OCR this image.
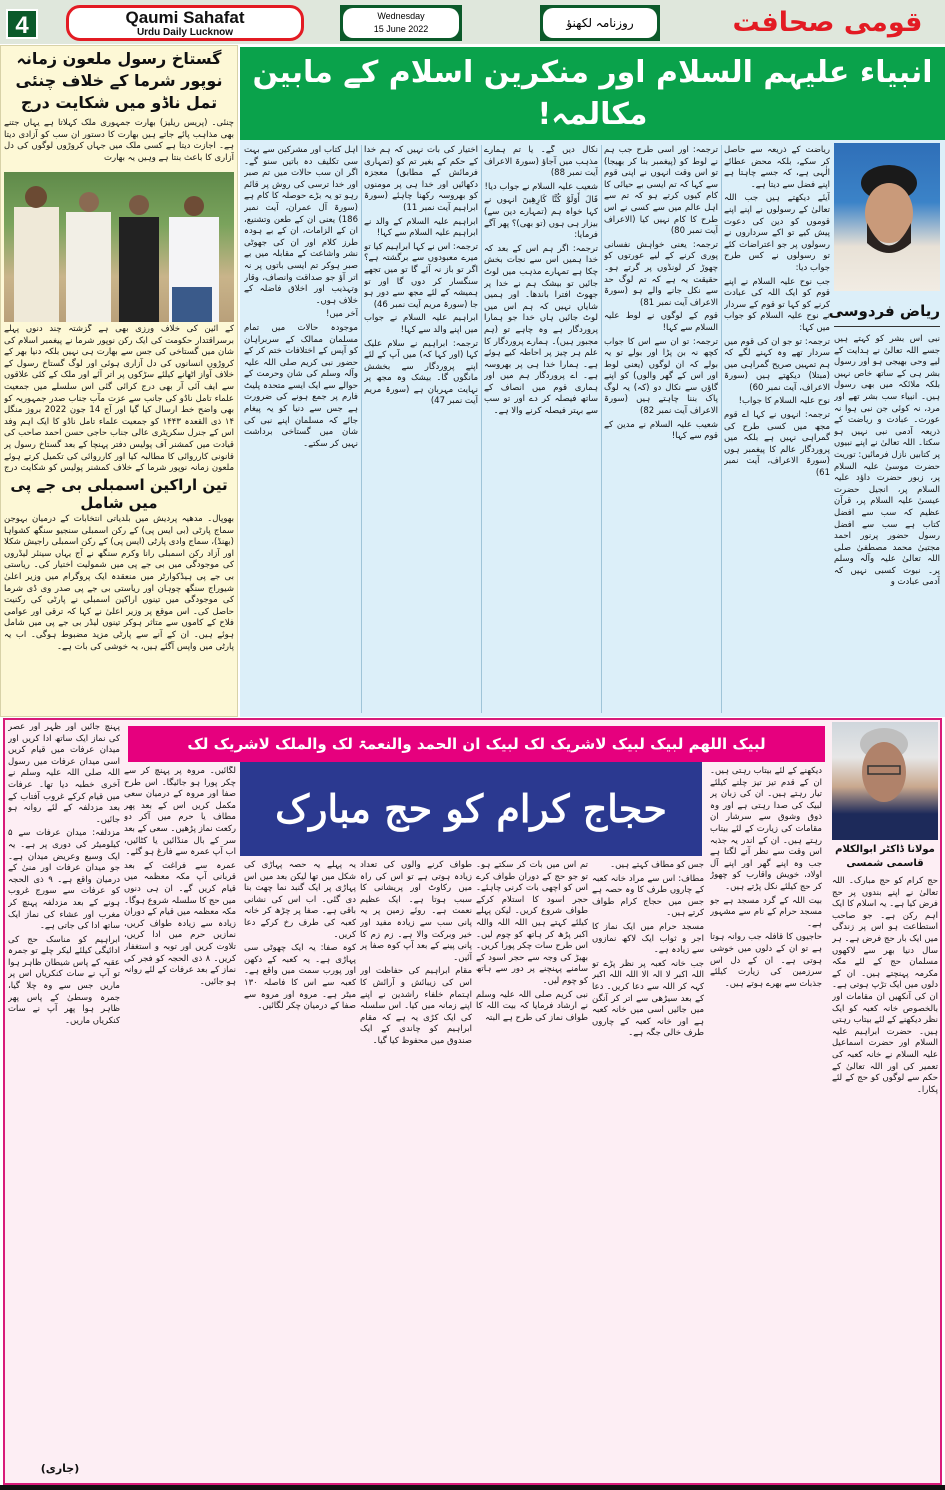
4	Qaumi Sahafat
Urdu Daily Lucknow
Wednesday
15 June 2022	روزنامہ لکھنؤ	قومی صحافت
گستاخ رسول ملعون زمانہ نوپور شرما کے خلاف چنئی تمل ناڈو میں شکایت درج

چنئی۔ (پریس ریلیز) بھارت جمہوری ملک کہلاتا ہے یہاں جتنے بھی مذاہب پائے جاتے ہیں بھارت کا دستور ان سب کو آزادی دیتا ہے۔ اجازت دیتا ہے کسی ملک میں جہاں کروڑوں لوگوں کی دل آزاری کا باعث بنتا ہے وہیں یہ بھارت

کے آئین کی خلاف ورزی بھی ہے گزشتہ چند دنوں پہلے برسراقتدار حکومت کی ایک رکن نوپور شرما نے پیغمبر اسلام کی شان میں گستاخی کی جس سے بھارت ہی نہیں بلکہ دنیا بھر کے کروڑوں انسانوں کی دل آزاری ہوئی اور لوگ گستاخ رسول کے خلاف آواز اٹھانے کیلئے سڑکوں پر اتر آئے اور ملک کے کئی علاقوں سے ایف آئی آر بھی درج کرائی گئی اس سلسلے میں جمعیت علماء تامل ناڈو کی جانب سے عزت مآب جناب صدر جمہوریہ کو بھی واضح خط ارسال کیا گیا اور آج 14 جون 2022 بروز منگل ۱۴ ذی القعدہ ۱۴۴۳ کو جمعیت علماء تامل ناڈو کا ایک اہم وفد اس کے جنرل سکریٹری عالی جناب حاجی حسن احمد صاحب کی قیادت میں کمشنر آف پولیس دفتر پہنچا کے بعد گستاخ رسول پر قانونی کارروائی کا مطالبہ کیا اور کارروائی کی تکمیل کرتے ہوئے ملعون زمانہ نوپور شرما کے خلاف کمشنر پولیس کو شکایت درج

تین اراکین اسمبلی بی جے پی میں شامل

بھوپال۔ مدھیہ پردیش میں بلدیاتی انتخابات کے درمیان بہوجن سماج پارٹی (بی ایس پی) کے رکن اسمبلی سنجیو سنگھ کشواہا (بھنڈ)، سماج وادی پارٹی (ایس پی) کے رکن اسمبلی راجیش شکلا اور آزاد رکن اسمبلی رانا وکرم سنگھ نے آج یہاں سینئر لیڈروں کی موجودگی میں بی جے پی میں شمولیت اختیار کی۔ ریاستی بی جے پی ہیڈکوارٹر میں منعقدہ ایک پروگرام میں وزیر اعلیٰ شیوراج سنگھ چوہان اور ریاستی بی جے پی صدر وی ڈی شرما کی موجودگی میں تینوں اراکین اسمبلی نے پارٹی کی رکنیت حاصل کی۔ اس موقع پر وزیر اعلیٰ نے کہا کہ ترقی اور عوامی فلاح کے کاموں سے متاثر ہوکر تینوں لیڈر بی جے پی میں شامل ہوئے ہیں۔ ان کے آنے سے پارٹی مزید مضبوط ہوگی۔ اب یہ پارٹی میں واپس آگئے ہیں، یہ خوشی کی بات ہے۔

انبیاء علیہم السلام اور منکرین اسلام کے مابین مکالمہ!

اہل کتاب اور مشرکین سے بہت سی تکلیف دہ باتیں سنو گے۔ اگر ان سب حالات میں تم صبر اور خدا ترسی کی روش پر قائم رہو تو یہ بڑے حوصلہ کا کام ہے (سورۃ آل عمران، آیت نمبر 186) یعنی ان کے طعن وتشنیع، ان کے الزامات، ان کے بے ہودہ طرز کلام اور ان کی جھوٹی نشر واشاعت کے مقابلہ میں بے صبر ہوکر تم ایسی باتوں پر نہ اتر آؤ جو صداقت وانصاف، وقار وتہذیب اور اخلاق فاضلہ کے خلاف ہوں۔

آخر میں!

موجودہ حالات میں تمام مسلمان ممالک کے سربراہان کو آپس کے اختلافات ختم کر کے حضور نبی کریم صلی اللہ علیہ وآلہ وسلم کی شان وحرمت کے حوالے سے ایک ایسے متحدہ پلیٹ فارم پر جمع ہونے کی ضرورت ہے جس سے دنیا کو یہ پیغام جائے کہ مسلمان اپنے نبی کی شان میں گستاخی برداشت نہیں کر سکتے۔

اختیار کی بات نہیں کہ ہم خدا کے حکم کے بغیر تم کو (تمہاری فرمائش کے مطابق) معجزہ دکھائیں اور خدا ہی پر مومنوں کو بھروسہ رکھنا چاہئے (سورۃ ابراہیم آیت نمبر 11)

ابراہیم علیہ السلام کے والد نے ابراہیم علیہ السلام سے کہا!

ترجمہ: اس نے کہا ابراہیم کیا تو میرے معبودوں سے برگشتہ ہے؟ اگر تو باز نہ آئے گا تو میں تجھے سنگسار کر دوں گا اور تو ہمیشہ کے لئے مجھ سے دور ہو جا (سورۃ مریم آیت نمبر 46)

ابراہیم علیہ السلام نے جواب میں اپنے والد سے کہا!

ترجمہ: ابراہیم نے سلام علیک کہا (اور کہا کہ) میں آپ کے لئے اپنے پروردگار سے بخشش مانگوں گا۔ بیشک وہ مجھ پر نہایت مہربان ہے (سورۃ مریم آیت نمبر 47)

نکال دیں گے۔ یا تم ہمارے مذہب میں آجاؤ (سورۃ الاعراف آیت نمبر 88)

شعیب علیہ السلام نے جواب دیا!

قَالَ أَوَلَوْ كُنَّا كَارِهِينَ انہوں نے کہا خواہ ہم (تمہارے دین سے) بیزار ہی ہوں (تو بھی)؟ پھر آگے فرمایا:

ترجمہ: اگر ہم اس کے بعد کہ خدا ہمیں اس سے نجات بخش چکا ہے تمہارے مذہب میں لوٹ جائیں تو بیشک ہم نے خدا پر جھوٹ افترا باندھا۔ اور ہمیں شایاں نہیں کہ ہم اس میں لوٹ جائیں ہاں خدا جو ہمارا پروردگار ہے وہ چاہے تو (ہم مجبور ہیں)۔ ہمارے پروردگار کا علم ہر چیز پر احاطہ کیے ہوئے ہے۔ ہمارا خدا ہی پر بھروسہ ہے۔ اے پروردگار ہم میں اور ہماری قوم میں انصاف کے ساتھ فیصلہ کر دے اور تو سب سے بہتر فیصلہ کرنے والا ہے۔

ترجمہ: اور اسی طرح جب ہم نے لوط کو (پیغمبر بنا کر بھیجا) تو اس وقت انہوں نے اپنی قوم سے کہا کہ تم ایسی بے حیائی کا کام کیوں کرتے ہو کہ تم سے اہل عالم میں سے کسی نے اس طرح کا کام نہیں کیا (الاعراف آیت نمبر 80)

ترجمہ: یعنی خواہش نفسانی پوری کرنے کے لیے عورتوں کو چھوڑ کر لونڈوں پر گرتے ہو۔ حقیقت یہ ہے کہ تم لوگ حد سے نکل جانے والے ہو (سورۃ الاعراف آیت نمبر 81)

قوم کے لوگوں نے لوط علیہ السلام سے کہا!

ترجمہ: تو ان سے اس کا جواب کچھ نہ بن پڑا اور بولے تو یہ بولے کہ ان لوگوں (یعنی لوط اور اس کے گھر والوں) کو اپنے گاؤں سے نکال دو (کہ) یہ لوگ پاک بننا چاہتے ہیں (سورۃ الاعراف آیت نمبر 82)

شعیب علیہ السلام نے مدین کے قوم سے کہا!

ریاضت کے ذریعہ سے حاصل کر سکے، بلکہ محض عطائے الٰہی ہے، کہ جسے چاہتا ہے اپنے فضل سے دیتا ہے۔

آیئے دیکھتے ہیں جب اللہ تعالیٰ کے رسولوں نے اپنے اپنے قوموں کو دین کی دعوت پیش کیے تو اکے سرداروں نے رسولوں پر جو اعتراضات کئے تو رسولوں نے کس طرح جواب دیا:

جب نوح علیہ السلام نے اپنے قوم کو ایک اللہ کی عبادت کرنے کو کہا تو قوم کے سردار نے نوح علیہ السلام کو جواب میں کہا:

ترجمہ: تو جو ان کی قوم میں سردار تھے وہ کہنے لگے کہ ہم تمہیں صریح گمراہی میں (مبتلا) دیکھتے ہیں (سورۃ الاعراف، آیت نمبر 60)

نوح علیہ السلام کا جواب!

ترجمہ: انہوں نے کہا اے قوم مجھ میں کسی طرح کی گمراہی نہیں ہے بلکہ میں پروردگار عالم کا پیغمبر ہوں (سورۃ الاعراف، آیت نمبر 61)

ریاض فردوسی

نبی اس بشر کو کہتے ہیں جسے اللہ تعالیٰ نے ہدایت کے لیے وحی بھیجی ہو اور رسول بشر ہی کے ساتھ خاص نہیں بلکہ ملائکہ میں بھی رسول ہیں۔ انبیاء سب بشر تھے اور مرد، نہ کوئی جن نبی ہوا نہ عورت۔ عبادت و ریاضت کے ذریعہ آدمی نبی نہیں ہو سکتا۔ اللہ تعالیٰ نے اپنے نبیوں پر کتابیں نازل فرمائیں: توریت حضرت موسیٰ علیہ السلام پر، زبور حضرت داؤد علیہ السلام پر، انجیل حضرت عیسیٰ علیہ السلام پر، قرآن عظیم کہ سب سے افضل کتاب ہے سب سے افضل رسول حضور پرنور احمد مجتبیٰ محمد مصطفیٰ صلی اللہ تعالیٰ علیہ وآلہ وسلم پر۔ نبوت کسبی نہیں کہ آدمی عبادت و

لبیک اللھم لبیک لبیک لاشریک لک لبیک ان الحمد والنعمۃ لک والملک لاشریک لک
حجاج کرام کو حج مبارک
مولانا ڈاکٹر ابوالکلام قاسمی شمسی

پہنچ جائیں اور ظہر اور عصر کی نماز ایک ساتھ ادا کریں اور میدان عرفات میں قیام کریں اسی میدان عرفات میں رسول اللہ صلی اللہ علیہ وسلم نے آخری خطبہ دیا تھا۔ عرفات میں قیام کرکے غروب آفتاب کے بعد مزدلفہ کے لئے روانہ ہو جائیں۔

مزدلفہ: میدان عرفات سے ۵ کیلومیٹر کی دوری پر ہے۔ یہ ایک وسیع وعریض میدان ہے۔ جو میدان عرفات اور منیٰ کے درمیان واقع ہے۔ ۹ ذی الحجہ کو عرفات سے سورج غروب ہونے کے بعد مزدلفہ پہنچ کر مغرب اور عشاء کی نماز ایک ساتھ ادا کی جاتی ہے۔

ابراہیم کو مناسک حج کی ادائیگی کیلئے لیکر چلے تو جمرہ عقبہ کے پاس شیطان ظاہر ہوا تو آپ نے سات کنکریاں اس پر ماریں جس سے وہ چلا گیا، جمرہ وسطیٰ کے پاس پھر ظاہر ہوا پھر آپ نے سات کنکریاں ماریں۔

لگائیں۔ مروہ پر پہنچ کر سے چکر پورا ہو جائیگا۔ اس طرح صفا اور مروہ کے درمیان سعی مکمل کریں اس کے بعد پھر مطاف یا حرم میں آکر دو رکعت نماز پڑھیں۔ سعی کے بعد سر کے بال منڈائیں یا کٹائیں، اب آپ عمرہ سے فارغ ہو گئے۔

عمرہ سے فراغت کے بعد قربانی آپ مکہ معظمہ میں قیام کریں گے۔ ان ہی دنوں میں حج کا سلسلہ شروع ہوگا۔ مکہ معظمہ میں قیام کے دوران زیادہ سے زیادہ طواف کریں، نمازیں حرم میں ادا کریں، تلاوت کریں اور توبہ و استغفار کریں۔ ۸ ذی الحجہ کو فجر کی نماز کے بعد عرفات کے لئے روانہ ہو جائیں۔

یہ پہلے یہ حصہ پہاڑی کی شکل میں تھا لیکن بعد میں اس پہاڑی پر ایک گنبد نما چھت بنا دی گئی۔ اب اس کی نشانی باقی ہے۔ صفا پر چڑھ کر خانہ کعبہ کی طرف رخ کرکے دعا کریں۔

کوہ صفا: یہ ایک چھوٹی سی پہاڑی ہے۔ یہ کعبہ کے دکھن اور پورب سمت میں واقع ہے۔ کعبہ سے اس کا فاصلہ ۱۳۰ میٹر ہے۔ مروہ اور مروہ سے صفا کے درمیان چکر لگائیں۔

طواف کرنے والوں کی تعداد زیادہ ہوتی ہے تو اس کی راہ میں رکاوٹ اور پریشانی کا سبب ہوتا ہے۔ ایک عظیم نعمت ہے۔ روئے زمین پر یہ پانی سب سے زیادہ مفید اور خیر وبرکت والا ہے۔ زم زم کا پانی پینے کے بعد آپ کوہ صفا پر آئیں۔

مقام ابراہیم کی حفاظت اور اس کی زیبائش و آرائش کا اہتمام خلفاء راشدین نے اپنے اپنے زمانہ میں کیا۔ اس سلسلہ کی ایک کڑی یہ ہے کہ مقام ابراہیم کو چاندی کے ایک صندوق میں محفوظ کیا گیا۔

تم اس میں بات کر سکتے ہو۔ تو جو حج کے دوران طواف کرے اس کو اچھی بات کرنی چاہئے۔ حجر اسود کا استلام کرکے طواف شروع کریں۔ لیکن پہلے کیلئے کہتے ہیں اللہ اللہ واللہ اکبر پڑھ کر ہاتھ کو چوم لیں۔ اس طرح سات چکر پورا کریں۔ بھیڑ کی وجہ سے حجر اسود کے سامنے پہنچنے پر دور سے ہاتھ کو چوم لیں۔

نبی کریم صلی اللہ علیہ وسلم نے ارشاد فرمایا کہ بیت اللہ کا طواف نماز کی طرح ہے البتہ

جس کو مطاف کہتے ہیں۔

مطاف: اس سے مراد خانہ کعبہ کے چاروں طرف کا وہ حصہ ہے جس میں حجاج کرام طواف کرتے ہیں۔

مسجد حرام میں ایک نماز کا اجر و ثواب ایک لاکھ نمازوں سے زیادہ ہے۔

جب خانہ کعبہ پر نظر پڑے تو اللہ اکبر لا الہ الا اللہ اللہ اکبر کہہ کر اللہ سے دعا کریں۔ دعا کے بعد سیڑھی سے اتر کر آنگن میں جائیں اسی میں خانہ کعبہ ہے اور خانہ کعبہ کے چاروں طرف خالی جگہ ہے۔

دیکھنے کے لئے بیتاب رہتی ہیں۔ ان کے قدم تیز تیز چلنے کیلئے تیار رہتے ہیں۔ ان کی زبان پر لبیک کی صدا رہتی ہے اور وہ ذوق وشوق سے سرشار ان مقامات کی زیارت کے لئے بیتاب رہتے ہیں۔ ان کے اندر یہ جذبہ اس وقت سے نظر آنے لگتا ہے جب وہ اپنے گھر اور اپنے آل اولاد، خویش واقارب کو چھوڑ کر حج کیلئے نکل پڑتے ہیں۔

بیت اللہ کے گرد مسجد ہے جو مسجد حرام کے نام سے مشہور ہے۔

حاجیوں کا قافلہ جب روانہ ہوتا ہے تو ان کے دلوں میں خوشی ہوتی ہے۔ ان کے دل اس سرزمین کی زیارت کیلئے جذبات سے بھرے ہوتے ہیں۔

حج کرام کو حج مبارک۔ اللہ تعالیٰ نے اپنے بندوں پر حج فرض کیا ہے۔ یہ اسلام کا ایک اہم رکن ہے۔ جو صاحب استطاعت ہو اس پر زندگی میں ایک بار حج فرض ہے۔ ہر سال دنیا بھر سے لاکھوں مسلمان حج کے لئے مکہ مکرمہ پہنچتے ہیں۔ ان کے دلوں میں ایک تڑپ ہوتی ہے۔ ان کی آنکھیں ان مقامات اور بالخصوص خانہ کعبہ کو ایک نظر دیکھنے کے لئے بیتاب رہتی ہیں۔ حضرت ابراہیم علیہ السلام اور حضرت اسماعیل علیہ السلام نے خانہ کعبہ کی تعمیر کی اور اللہ تعالیٰ کے حکم سے لوگوں کو حج کے لئے پکارا۔

(جاری)
